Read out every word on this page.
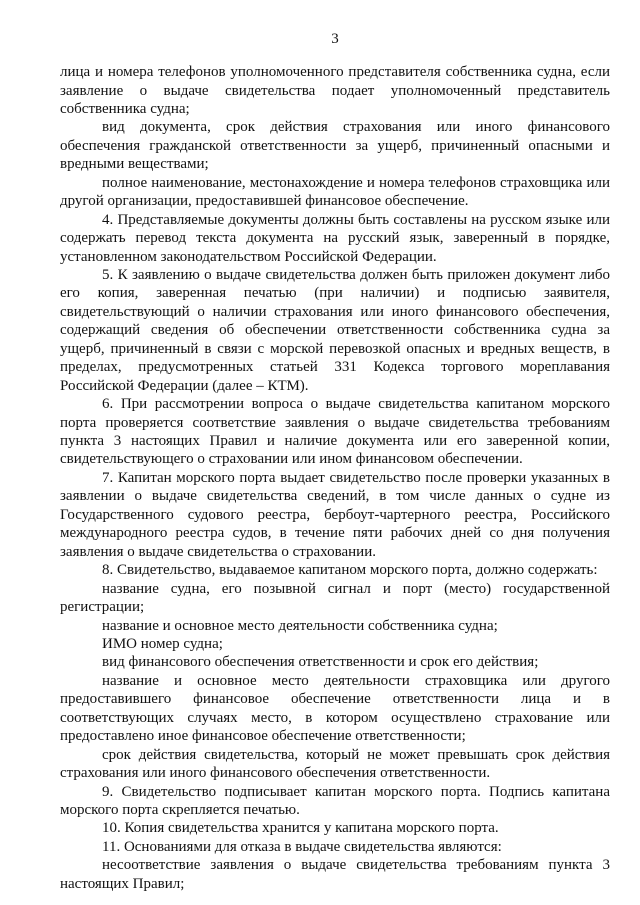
3
лица и номера телефонов уполномоченного представителя собственника судна, если
заявление о выдаче свидетельства подает уполномоченный представитель
собственника судна;
вид документа, срок действия страхования или иного финансового
обеспечения гражданской ответственности за ущерб, причиненный опасными и
вредными веществами;
полное наименование, местонахождение и номера телефонов страховщика или
другой организации, предоставившей финансовое обеспечение.
4. Представляемые документы должны быть составлены на русском языке или
содержать перевод текста документа на русский язык, заверенный в порядке,
установленном законодательством Российской Федерации.
5. К заявлению о выдаче свидетельства должен быть приложен документ либо
его копия, заверенная печатью (при наличии) и подписью заявителя,
свидетельствующий о наличии страхования или иного финансового обеспечения,
содержащий сведения об обеспечении ответственности собственника судна за
ущерб, причиненный в связи с морской перевозкой опасных и вредных веществ, в
пределах, предусмотренных статьей 331 Кодекса торгового мореплавания
Российской Федерации (далее – КТМ).
6. При рассмотрении вопроса о выдаче свидетельства капитаном морского
порта проверяется соответствие заявления о выдаче свидетельства требованиям
пункта 3 настоящих Правил и наличие документа или его заверенной копии,
свидетельствующего о страховании или ином финансовом обеспечении.
7. Капитан морского порта выдает свидетельство после проверки указанных в
заявлении о выдаче свидетельства сведений, в том числе данных о судне из
Государственного судового реестра, бербоут-чартерного реестра, Российского
международного реестра судов, в течение пяти рабочих дней со дня получения
заявления о выдаче свидетельства о страховании.
8. Свидетельство, выдаваемое капитаном морского порта, должно содержать:
название судна, его позывной сигнал и порт (место) государственной
регистрации;
название и основное место деятельности собственника судна;
ИМО номер судна;
вид финансового обеспечения ответственности и срок его действия;
название и основное место деятельности страховщика или другого
предоставившего финансовое обеспечение ответственности лица и в
соответствующих случаях место, в котором осуществлено страхование или
предоставлено иное финансовое обеспечение ответственности;
срок действия свидетельства, который не может превышать срок действия
страхования или иного финансового обеспечения ответственности.
9. Свидетельство подписывает капитан морского порта. Подпись капитана
морского порта скрепляется печатью.
10. Копия свидетельства хранится у капитана морского порта.
11. Основаниями для отказа в выдаче свидетельства являются:
несоответствие заявления о выдаче свидетельства требованиям пункта 3
настоящих Правил;
